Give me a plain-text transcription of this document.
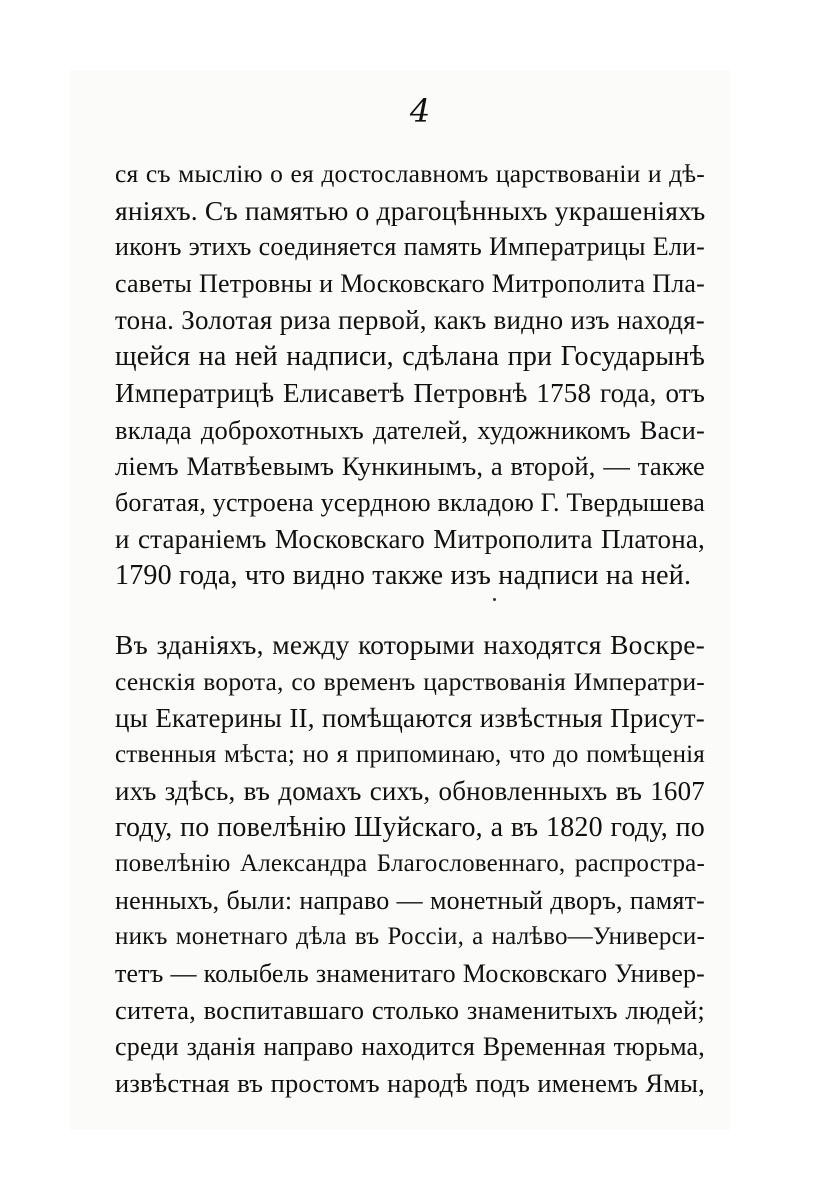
4
ся съ мыслію о ея достославномъ царствованіи и дѣ-
яніяхъ. Съ памятью о драгоцѣнныхъ украшеніяхъ
иконъ этихъ соединяется память Императрицы Ели-
саветы Петровны и Московскаго Митрополита Пла-
тона. Золотая риза первой, какъ видно изъ находя-
щейся на ней надписи, сдѣлана при Государынѣ
Императрицѣ Елисаветѣ Петровнѣ 1758 года, отъ
вклада доброхотныхъ дателей, художникомъ Васи-
ліемъ Матвѣевымъ Кункинымъ, а второй, — также
богатая, устроена усердною вкладою Г. Твердышева
и стараніемъ Московскаго Митрополита Платона,
1790 года, что видно также изъ надписи на ней.
Въ зданіяхъ, между которыми находятся Воскре-
сенскія ворота, со временъ царствованія Императри-
цы Екатерины II, помѣщаются извѣстныя Присут-
ственныя мѣста; но я припоминаю, что до помѣщенія
ихъ здѣсь, въ домахъ сихъ, обновленныхъ въ 1607
году, по повелѣнію Шуйскаго, а въ 1820 году, по
повелѣнію Александра Благословеннаго, распростра-
ненныхъ, были: направо — монетный дворъ, памят-
никъ монетнаго дѣла въ Россіи, а налѣво—Универси-
тетъ — колыбель знаменитаго Московскаго Универ-
ситета, воспитавшаго столько знаменитыхъ людей;
среди зданія направо находится Временная тюрьма,
извѣстная въ простомъ народѣ подъ именемъ Ямы,
